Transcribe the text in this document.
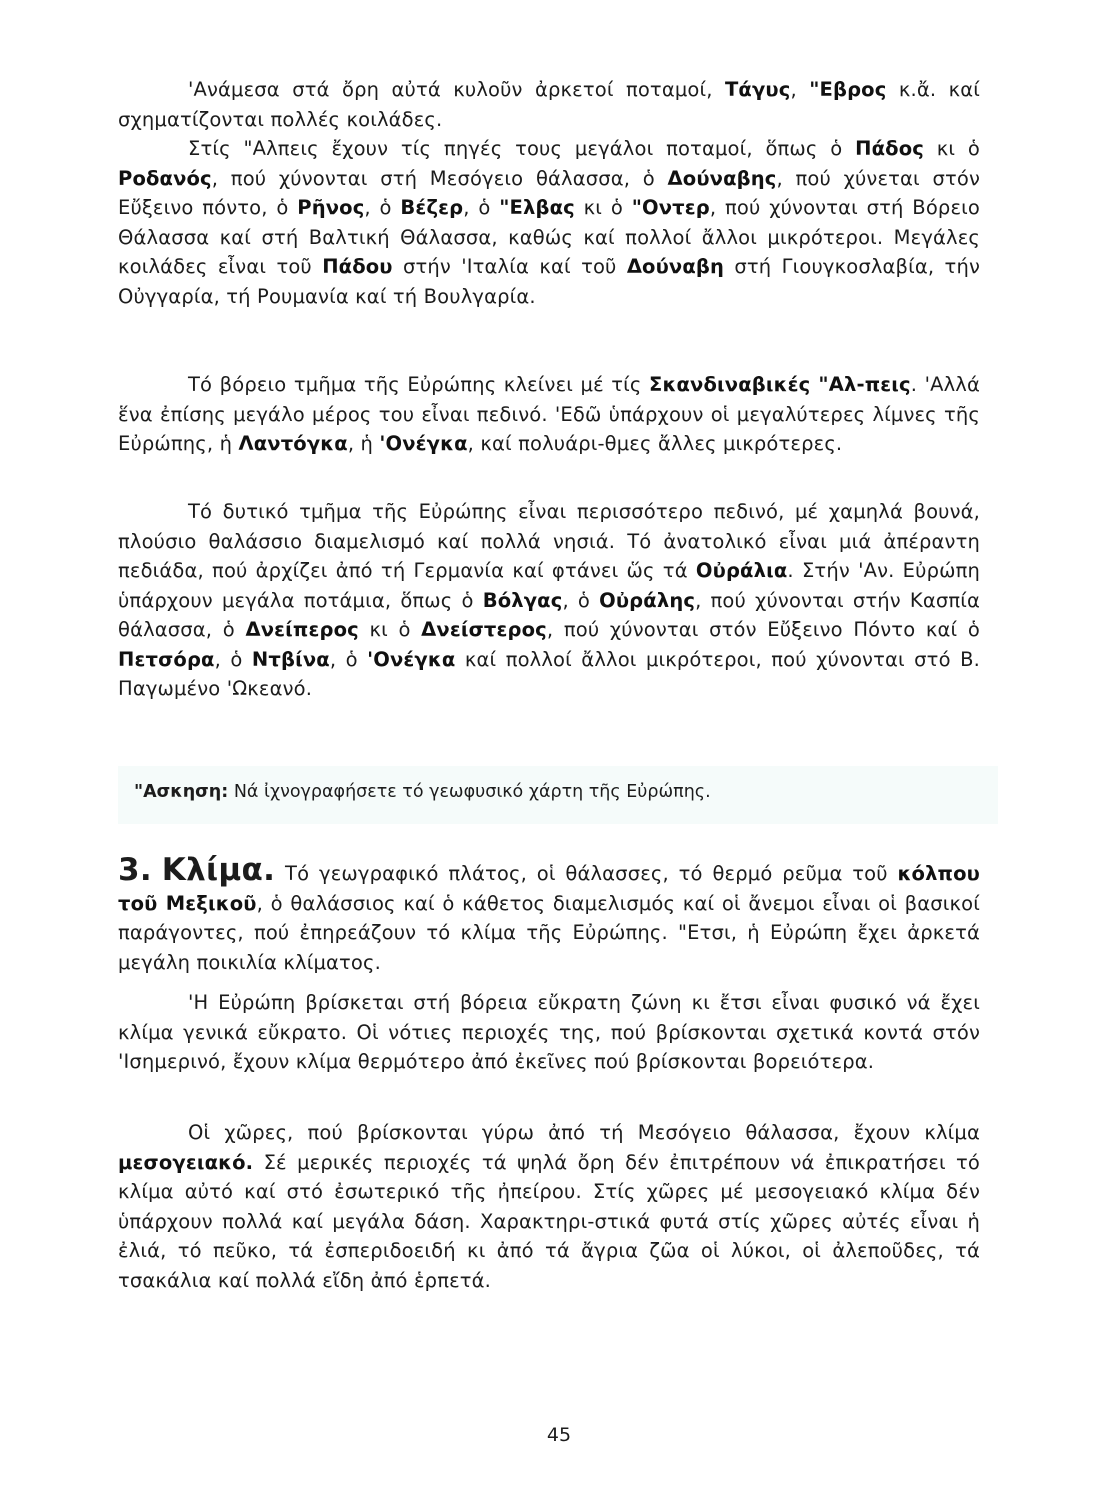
'Ανάμεσα στά ὄρη αὐτά κυλοῦν ἀρκετοί ποταμοί, Τάγυς, "Εβρος κ.ἄ. καί σχηματίζονται πολλές κοιλάδες.

Στίς "Αλπεις ἔχουν τίς πηγές τους μεγάλοι ποταμοί, ὅπως ὁ Πάδος κι ὁ Ροδανός, πού χύνονται στή Μεσόγειο θάλασσα, ὁ Δούναβης, πού χύνεται στόν Εὔξεινο πόντο, ὁ Ρῆνος, ὁ Βέζερ, ὁ "Ελβας κι ὁ "Οντερ, πού χύνονται στή Βόρειο Θάλασσα καί στή Βαλτική Θάλασσα, καθώς καί πολλοί ἄλλοι μικρότεροι. Μεγάλες κοιλάδες εἶναι τοῦ Πάδου στήν 'Ιταλία καί τοῦ Δούναβη στή Γιουγκοσλαβία, τήν Οὐγγαρία, τή Ρουμανία καί τή Βουλγαρία.

Τό βόρειο τμῆμα τῆς Εὐρώπης κλείνει μέ τίς Σκανδιναβικές "Αλ-πεις. 'Αλλά ἕνα ἐπίσης μεγάλο μέρος του εἶναι πεδινό. 'Εδῶ ὑπάρχουν οἱ μεγαλύτερες λίμνες τῆς Εὐρώπης, ἡ Λαντόγκα, ἡ 'Ονέγκα, καί πολυάρι-θμες ἄλλες μικρότερες.

Τό δυτικό τμῆμα τῆς Εὐρώπης εἶναι περισσότερο πεδινό, μέ χαμηλά βουνά, πλούσιο θαλάσσιο διαμελισμό καί πολλά νησιά. Τό ἀνατολικό εἶναι μιά ἀπέραντη πεδιάδα, πού ἀρχίζει ἀπό τή Γερμανία καί φτάνει ὥς τά Οὐράλια. Στήν 'Αν. Εὐρώπη ὑπάρχουν μεγάλα ποτάμια, ὅπως ὁ Βόλγας, ὁ Οὐράλης, πού χύνονται στήν Κασπία θάλασσα, ὁ Δνείπερος κι ὁ Δνείστερος, πού χύνονται στόν Εὔξεινο Πόντο καί ὁ Πετσόρα, ὁ Ντβίνα, ὁ 'Ονέγκα καί πολλοί ἄλλοι μικρότεροι, πού χύνονται στό Β. Παγωμένο 'Ωκεανό.

"Ασκηση: Νά ἰχνογραφήσετε τό γεωφυσικό χάρτη τῆς Εὐρώπης.

3. Κλίμα. Τό γεωγραφικό πλάτος, οἱ θάλασσες, τό θερμό ρεῦμα τοῦ κόλπου τοῦ Μεξικοῦ, ὁ θαλάσσιος καί ὁ κάθετος διαμελισμός καί οἱ ἄνεμοι εἶναι οἱ βασικοί παράγοντες, πού ἐπηρεάζουν τό κλίμα τῆς Εὐρώπης. "Ετσι, ἡ Εὐρώπη ἔχει ἀρκετά μεγάλη ποικιλία κλίματος.

'Η Εὐρώπη βρίσκεται στή βόρεια εὔκρατη ζώνη κι ἔτσι εἶναι φυσικό νά ἔχει κλίμα γενικά εὔκρατο. Οἱ νότιες περιοχές της, πού βρίσκονται σχετικά κοντά στόν 'Ισημερινό, ἔχουν κλίμα θερμότερο ἀπό ἐκεῖνες πού βρίσκονται βορειότερα.

Οἱ χῶρες, πού βρίσκονται γύρω ἀπό τή Μεσόγειο θάλασσα, ἔχουν κλίμα μεσογειακό. Σέ μερικές περιοχές τά ψηλά ὄρη δέν ἐπιτρέπουν νά ἐπικρατήσει τό κλίμα αὐτό καί στό ἐσωτερικό τῆς ἠπείρου. Στίς χῶρες μέ μεσογειακό κλίμα δέν ὑπάρχουν πολλά καί μεγάλα δάση. Χαρακτηρι-στικά φυτά στίς χῶρες αὐτές εἶναι ἡ ἐλιά, τό πεῦκο, τά ἐσπεριδοειδή κι ἀπό τά ἄγρια ζῶα οἱ λύκοι, οἱ ἀλεποῦδες, τά τσακάλια καί πολλά εἴδη ἀπό ἑρπετά.

45
